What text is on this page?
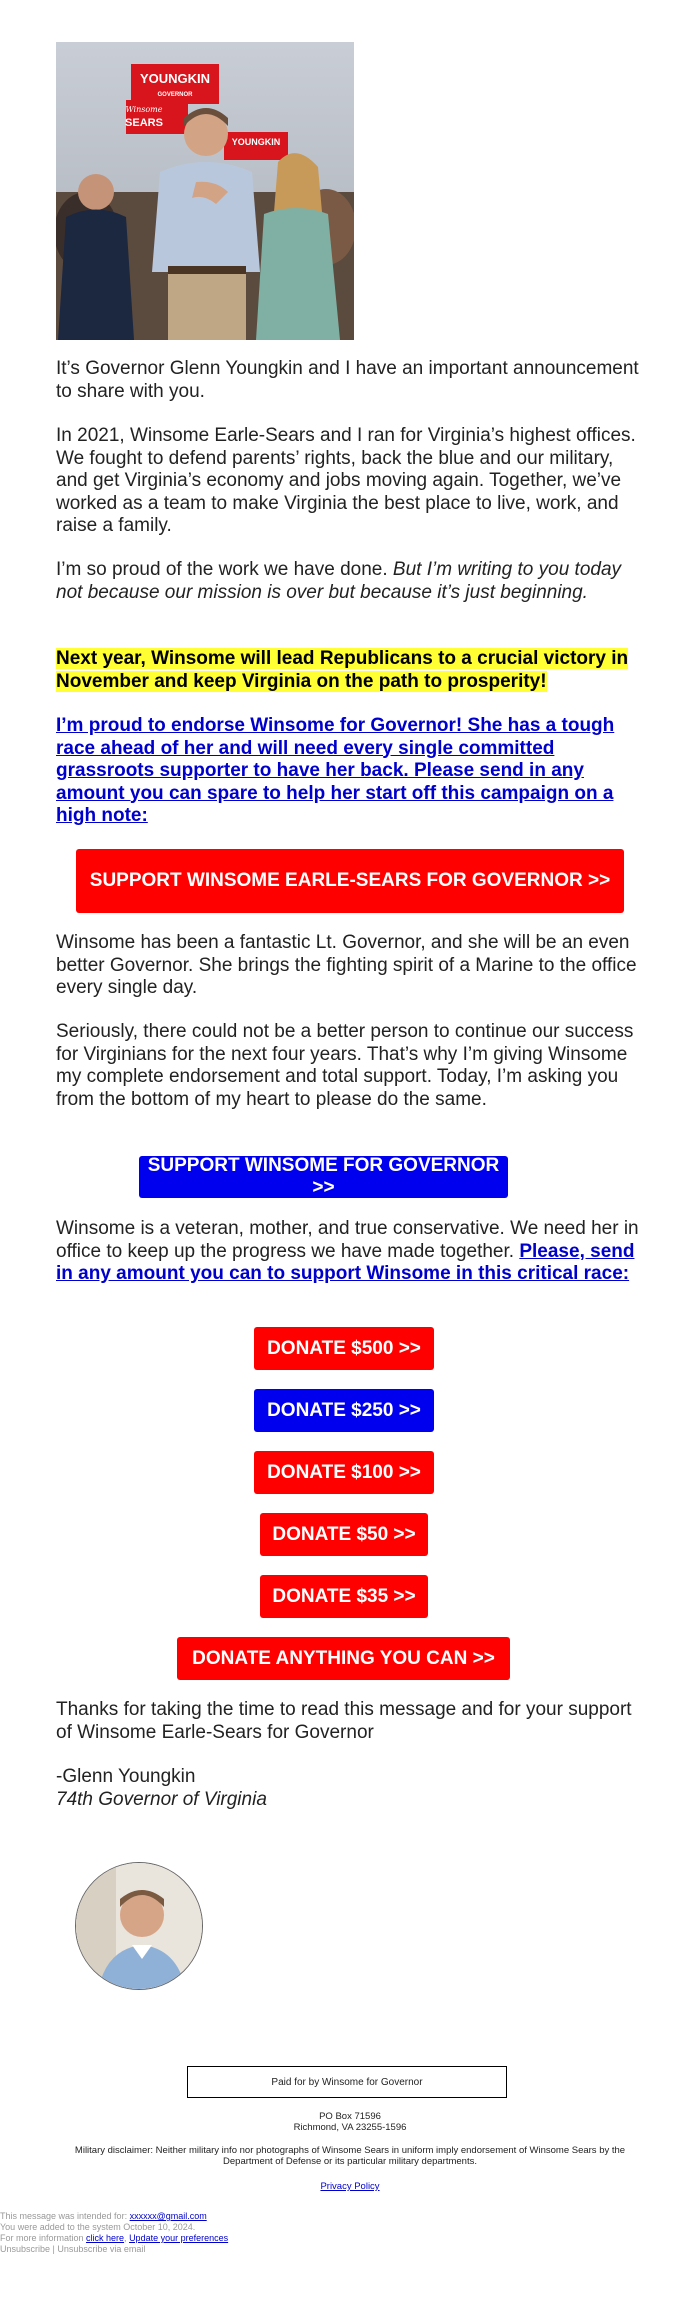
YOUNGKIN
GOVERNOR
Winsome
SEARS
YOUNGKIN

It’s Governor Glenn Youngkin and I have an important announcement to share with you.

In 2021, Winsome Earle-Sears and I ran for Virginia’s highest offices. We fought to defend parents’ rights, back the blue and our military, and get Virginia’s economy and jobs moving again. Together, we’ve worked as a team to make Virginia the best place to live, work, and raise a family.

I’m so proud of the work we have done. But I’m writing to you today not because our mission is over but because it’s just beginning.

Next year, Winsome will lead Republicans to a crucial victory in November and keep Virginia on the path to prosperity!

I’m proud to endorse Winsome for Governor! She has a tough race ahead of her and will need every single committed grassroots supporter to have her back. Please send in any amount you can spare to help her start off this campaign on a high note:

SUPPORT WINSOME EARLE-SEARS FOR GOVERNOR >>

Winsome has been a fantastic Lt. Governor, and she will be an even better Governor. She brings the fighting spirit of a Marine to the office every single day.

Seriously, there could not be a better person to continue our success for Virginians for the next four years. That’s why I’m giving Winsome my complete endorsement and total support. Today, I’m asking you from the bottom of my heart to please do the same.

SUPPORT WINSOME FOR GOVERNOR >>

Winsome is a veteran, mother, and true conservative. We need her in office to keep up the progress we have made together. Please, send in any amount you can to support Winsome in this critical race:

DONATE $500 >>
DONATE $250 >>
DONATE $100 >>
DONATE $50 >>
DONATE $35 >>
DONATE ANYTHING YOU CAN >>

Thanks for taking the time to read this message and for your support of Winsome Earle-Sears for Governor

-Glenn Youngkin

74th Governor of Virginia

Paid for by Winsome for Governor
PO Box 71596
Richmond, VA 23255-1596
Military disclaimer: Neither military info nor photographs of Winsome Sears in uniform imply endorsement of Winsome Sears by the Department of Defense or its particular military departments.
Privacy Policy
This message was intended for: xxxxxx@gmail.com
You were added to the system October 10, 2024.
For more information click here, Update your preferences
Unsubscribe | Unsubscribe via email
